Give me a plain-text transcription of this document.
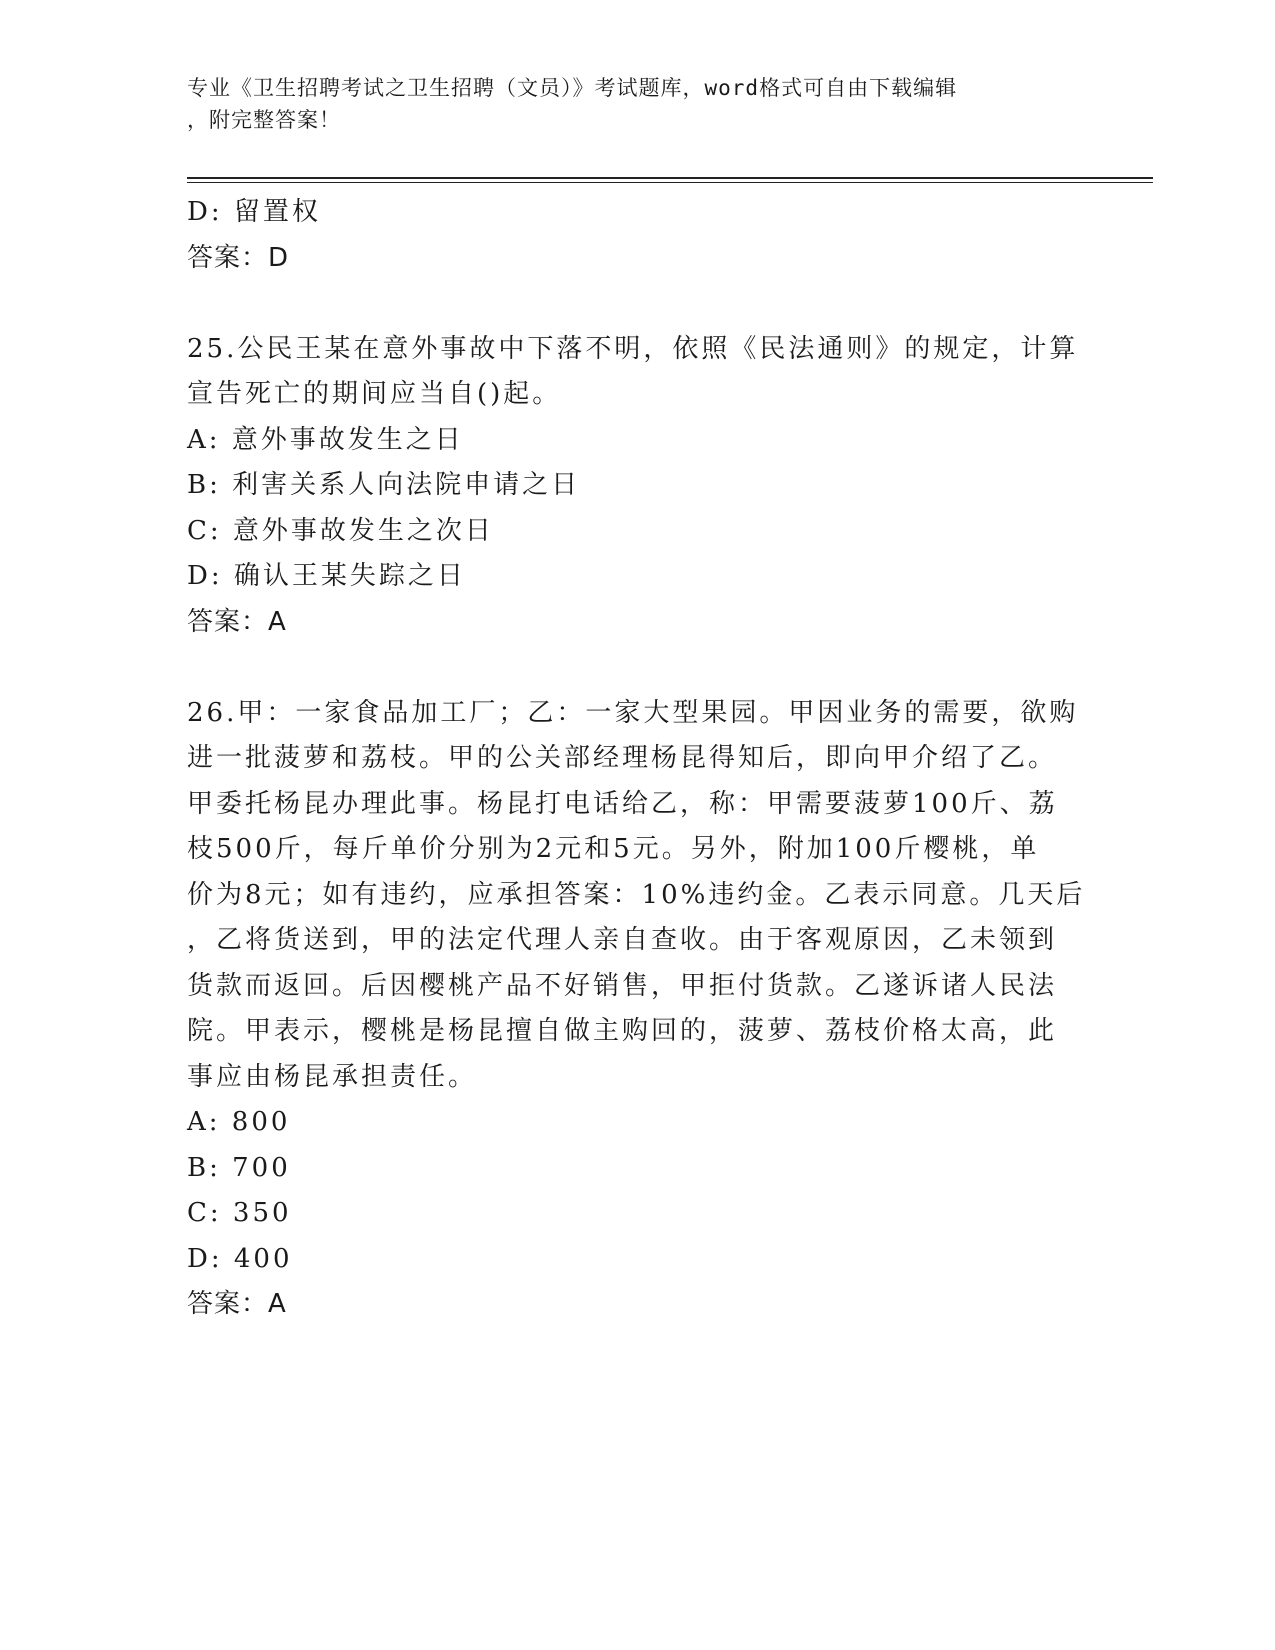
专业《卫生招聘考试之卫生招聘（文员）》考试题库，word格式可自由下载编辑
，附完整答案！
D: 留置权
答案：D
25.公民王某在意外事故中下落不明，依照《民法通则》的规定，计算
宣告死亡的期间应当自()起。
A: 意外事故发生之日
B: 利害关系人向法院申请之日
C: 意外事故发生之次日
D: 确认王某失踪之日
答案：A
26.甲：一家食品加工厂；乙：一家大型果园。甲因业务的需要，欲购
进一批菠萝和荔枝。甲的公关部经理杨昆得知后，即向甲介绍了乙。
甲委托杨昆办理此事。杨昆打电话给乙，称：甲需要菠萝100斤、荔
枝500斤，每斤单价分别为2元和5元。另外，附加100斤樱桃，单
价为8元；如有违约，应承担答案：10%违约金。乙表示同意。几天后
，乙将货送到，甲的法定代理人亲自查收。由于客观原因，乙未领到
货款而返回。后因樱桃产品不好销售，甲拒付货款。乙遂诉诸人民法
院。甲表示，樱桃是杨昆擅自做主购回的，菠萝、荔枝价格太高，此
事应由杨昆承担责任。
A: 800
B: 700
C: 350
D: 400
答案：A
